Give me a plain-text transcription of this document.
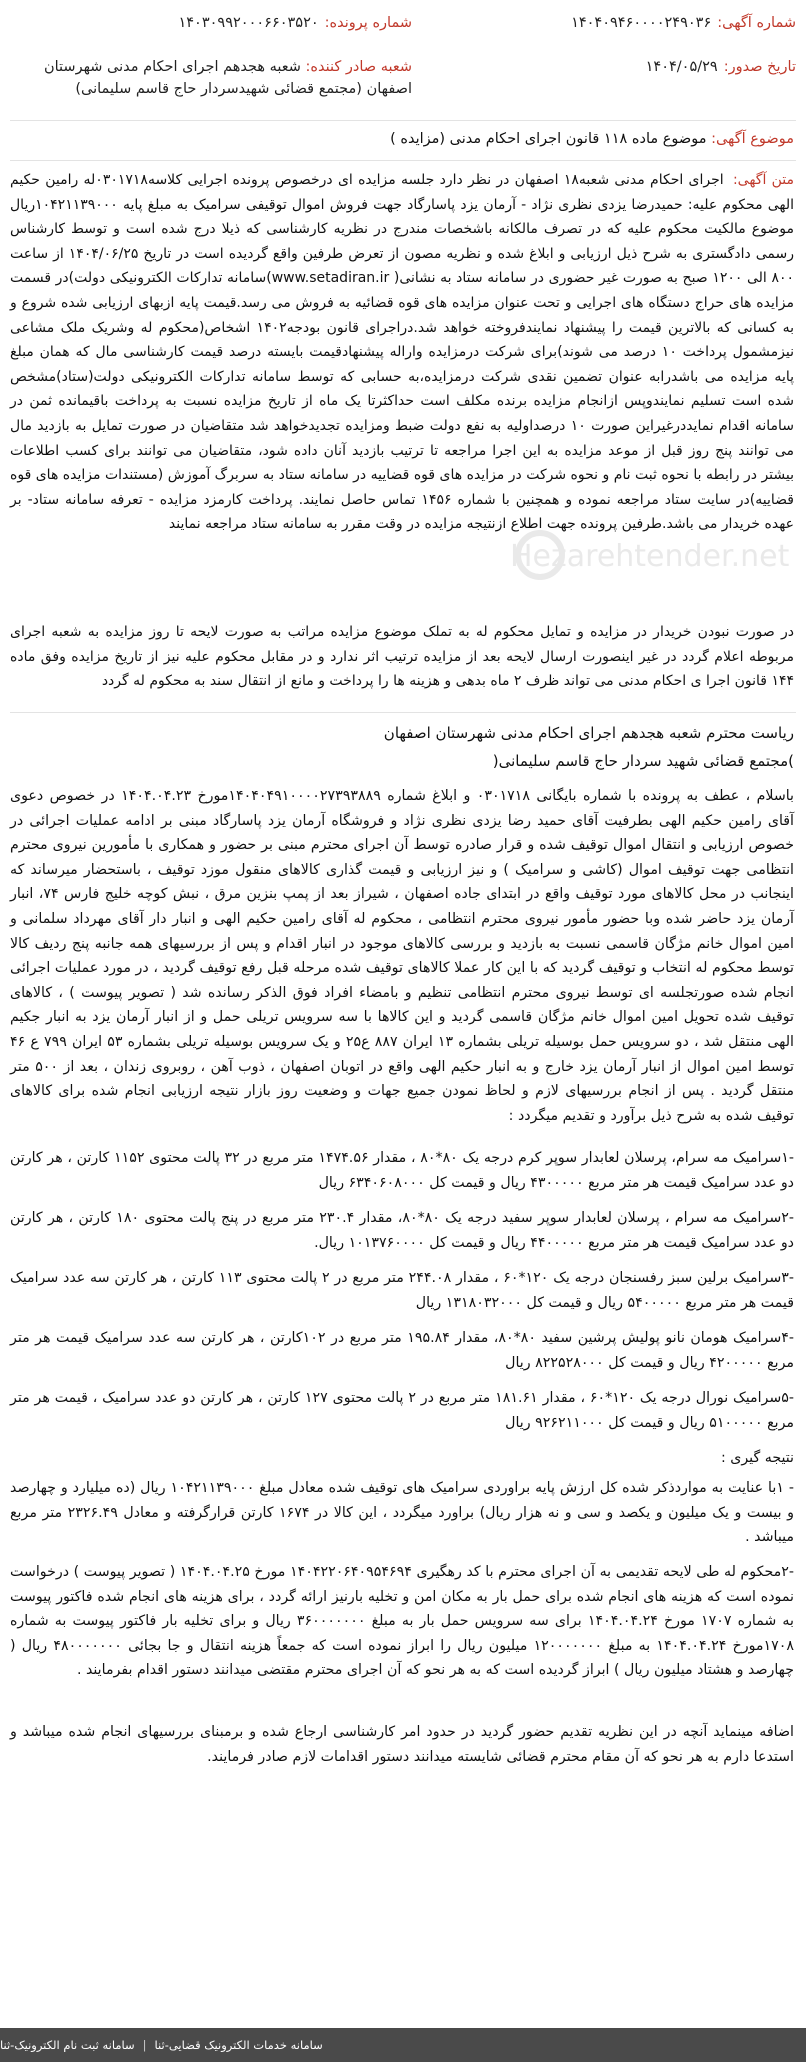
شماره آگهی:
۱۴۰۴۰۹۴۶۰۰۰۰۲۴۹۰۳۶
شماره پرونده:
۱۴۰۳۰۹۹۲۰۰۰۶۶۰۳۵۲۰
تاریخ صدور:
۱۴۰۴/۰۵/۲۹
شعبه صادر کننده: شعبه هجدهم اجرای احکام مدنی شهرستان اصفهان (مجتمع قضائی شهیدسردار حاج قاسم سلیمانی)
موضوع آگهی: موضوع ماده ۱۱۸ قانون اجرای احکام مدنی (مزایده )
متن آگهی: اجرای احکام مدنی شعبه۱۸ اصفهان در نظر دارد جلسه مزایده ای درخصوص پرونده اجرایی کلاسه۰۳۰۱۷۱۸له رامین حکیم الهی محکوم علیه: حمیدرضا یزدی نظری نژاد - آرمان یزد پاسارگاد جهت فروش اموال توقیفی سرامیک به مبلغ پایه ۱۰۴۲۱۱۳۹۰۰۰ریال موضوع مالکیت محکوم علیه که در تصرف مالکانه باشخصات مندرج در نظریه کارشناسی که ذیلا درج شده است و توسط کارشناس رسمی دادگستری به شرح ذیل ارزیابی و ابلاغ شده و نظریه مصون از تعرض طرفین واقع گردیده است در تاریخ ۱۴۰۴/۰۶/۲۵ از ساعت ۸۰۰ الی ۱۲۰۰ صبح به صورت غیر حضوری در سامانه ستاد به نشانی( www.setadiran.ir)سامانه تدارکات الکترونیکی دولت)در قسمت مزایده های حراج دستگاه های اجرایی و تحت عنوان مزایده های قوه قضائیه به فروش می رسد.قیمت پایه ازبهای ارزیابی شده شروع و به کسانی که بالاترین قیمت را پیشنهاد نمایندفروخته خواهد شد.دراجرای قانون بودجه۱۴۰۲ اشخاص(محکوم له وشریک ملک مشاعی نیزمشمول پرداخت ۱۰ درصد می شوند)برای شرکت درمزایده واراله پیشنهادقیمت بایسته درصد قیمت کارشناسی مال که همان مبلغ پایه مزایده می باشدرابه عنوان تضمین نقدی شرکت درمزایده،به حسابی که توسط سامانه تدارکات الکترونیکی دولت(ستاد)مشخص شده است تسلیم نمایندوپس ازانجام مزایده برنده مکلف است حداکثرتا یک ماه از تاریخ مزایده نسبت به پرداخت باقیمانده ثمن در سامانه اقدام نمایددرغیراین صورت ۱۰ درصداولیه به نفع دولت ضبط ومزایده تجدیدخواهد شد متقاضیان در صورت تمایل به بازدید مال می توانند پنج روز قبل از موعد مزایده به این اجرا مراجعه تا ترتیب بازدید آنان داده شود، متقاضیان می توانند برای کسب اطلاعات بیشتر در رابطه با نحوه ثبت نام و نحوه شرکت در مزایده های قوه قضاییه در سامانه ستاد به سربرگ آموزش (مستندات مزایده های قوه قضاییه)در سایت ستاد مراجعه نموده و همچنین با شماره ۱۴۵۶ تماس حاصل نمایند. پرداخت کارمزد مزایده - تعرفه سامانه ستاد- بر عهده خریدار می باشد.طرفین پرونده جهت اطلاع ازنتیجه مزایده در وقت مقرر به سامانه ستاد مراجعه نمایند
Hezarehtender.net
در صورت نبودن خریدار در مزایده و تمایل محکوم له به تملک موضوع مزایده مراتب به صورت لایحه تا روز مزایده به شعبه اجرای مربوطه اعلام گردد در غیر اینصورت ارسال لایحه بعد از مزایده ترتیب اثر ندارد و در مقابل محکوم علیه نیز از تاریخ مزایده وفق ماده ۱۴۴ قانون اجرا ی احکام مدنی می تواند ظرف ۲ ماه بدهی و هزینه ها را پرداخت و مانع از انتقال سند به محکوم له گردد
ریاست محترم شعبه هجدهم اجرای احکام مدنی شهرستان اصفهان
)مجتمع قضائی شهید سردار حاج قاسم سلیمانی(
باسلام ، عطف به پرونده با شماره بایگانی ۰۳۰۱۷۱۸ و ابلاغ شماره ۱۴۰۴۰۴۹۱۰۰۰۰۲۷۳۹۳۸۸۹مورخ ۱۴۰۴.۰۴.۲۳ در خصوص دعوی آقای رامین حکیم الهی بطرفیت آقای حمید رضا یزدی نظری نژاد و فروشگاه آرمان یزد پاسارگاد مبنی بر ادامه عملیات اجرائی در خصوص ارزیابی و انتقال اموال توقیف شده و قرار صادره توسط آن اجرای محترم مبنی بر حضور و همکاری با مأمورین نیروی محترم انتظامی جهت توقیف اموال (کاشی و سرامیک ) و نیز ارزیابی و قیمت گذاری کالاهای منقول موزد توقیف ، باستحضار میرساند که اینجانب در محل کالاهای مورد توقیف واقع در ابتدای جاده اصفهان ، شیراز بعد از پمپ بنزین مرق ، نبش کوچه خلیج فارس ۷۴، انبار آرمان یزد حاضر شده وبا حضور مأمور نیروی محترم انتظامی ، محکوم له آقای رامین حکیم الهی و انبار دار آقای مهرداد سلمانی و امین اموال خانم مژگان قاسمی نسبت به بازدید و بررسی کالاهای موجود در انبار اقدام و پس از بررسیهای همه جانبه پنج ردیف کالا توسط محکوم له انتخاب و توقیف گردید که با این کار عملا کالاهای توقیف شده مرحله قبل رفع توقیف گردید ، در مورد عملیات اجرائی انجام شده صورتجلسه ای توسط نیروی محترم انتظامی تنظیم و بامضاء افراد فوق الذکر رسانده شد ( تصویر پیوست ) ، کالاهای توقیف شده تحویل امین اموال خانم مژگان قاسمی گردید و این کالاها با سه سرویس تریلی حمل و از انبار آرمان یزد به انبار جکیم الهی منتقل شد ، دو سرویس حمل بوسیله تریلی بشماره ۱۳ ایران ۸۸۷ ع۲۵ و یک سرویس بوسیله تریلی بشماره ۵۳ ایران ۷۹۹ ع ۴۶ توسط امین اموال از انبار آرمان یزد خارج و به انبار حکیم الهی واقع در اتوبان اصفهان ، ذوب آهن ، روبروی زندان ، بعد از ۵۰۰ متر منتقل گردید . پس از انجام بررسیهای لازم و لحاظ نمودن جمیع جهات و وضعیت روز بازار نتیجه ارزیابی انجام شده برای کالاهای توقیف شده به شرح ذیل برآورد و تقدیم میگردد :
-۱سرامیک مه سرام، پرسلان لعابدار سوپر کرم درجه یک ۸۰*۸۰ ، مقدار ۱۴۷۴.۵۶ متر مربع در ۳۲ پالت محتوی ۱۱۵۲ کارتن ، هر کارتن دو عدد سرامیک قیمت هر متر مربع ۴۳۰۰۰۰۰ ریال و قیمت کل ۶۳۴۰۶۰۸۰۰۰ ریال
-۲سرامیک مه سرام ، پرسلان لعابدار سوپر سفید درجه یک ۸۰*۸۰، مقدار ۲۳۰.۴ متر مربع در پنج پالت محتوی ۱۸۰ کارتن ، هر کارتن دو عدد سرامیک قیمت هر متر مربع ۴۴۰۰۰۰۰ ریال و قیمت کل ۱۰۱۳۷۶۰۰۰۰ ریال.
-۳سرامیک برلین سبز رفسنجان درجه یک ۱۲۰*۶۰ ، مقدار ۲۴۴.۰۸ متر مربع در ۲ پالت محتوی ۱۱۳ کارتن ، هر کارتن سه عدد سرامیک قیمت هر متر مربع ۵۴۰۰۰۰۰ ریال و قیمت کل ۱۳۱۸۰۳۲۰۰۰ ریال
-۴سرامیک هومان نانو پولیش پرشین سفید ۸۰*۸۰، مقدار ۱۹۵.۸۴ متر مربع در ۱۰۲کارتن ، هر کارتن سه عدد سرامیک قیمت هر متر مربع ۴۲۰۰۰۰۰ ریال و قیمت کل ۸۲۲۵۲۸۰۰۰ ریال
-۵سرامیک نورال درجه یک ۱۲۰*۶۰ ، مقدار ۱۸۱.۶۱ متر مربع در ۲ پالت محتوی ۱۲۷ کارتن ، هر کارتن دو عدد سرامیک ، قیمت هر متر مربع ۵۱۰۰۰۰۰ ریال و قیمت کل ۹۲۶۲۱۱۰۰۰ ریال
نتیجه گیری :
- ۱با عنایت به مواردذکر شده کل ارزش پایه براوردی سرامیک های توقیف شده معادل مبلغ ۱۰۴۲۱۱۳۹۰۰۰ ریال (ده میلیارد و چهارصد و بیست و یک میلیون و یکصد و سی و نه هزار ریال) براورد میگردد ، این کالا در ۱۶۷۴ کارتن قرارگرفته و معادل ۲۳۲۶.۴۹ متر مربع میباشد .
-۲محکوم له طی لایحه تقدیمی به آن اجرای محترم با کد رهگیری ۱۴۰۴۲۲۰۶۴۰۹۵۴۶۹۴ مورخ ۱۴۰۴.۰۴.۲۵ ( تصویر پیوست ) درخواست نموده است که هزینه های انجام شده برای حمل بار به مکان امن و تخلیه بارنیز ارائه گردد ، برای هزینه های انجام شده فاکتور پیوست به شماره ۱۷۰۷ مورخ ۱۴۰۴.۰۴.۲۴ برای سه سرویس حمل بار به مبلغ ۳۶۰۰۰۰۰۰۰ ریال و برای تخلیه بار فاکتور پیوست به شماره ۱۷۰۸مورخ ۱۴۰۴.۰۴.۲۴ به مبلغ ۱۲۰۰۰۰۰۰۰ میلیون ریال را ابراز نموده است که جمعاً هزینه انتقال و جا بجائی ۴۸۰۰۰۰۰۰۰ ریال ( چهارصد و هشتاد میلیون ریال ) ابراز گردیده است که به هر نحو که آن اجرای محترم مقتضی میدانند دستور اقدام بفرمایند .
اضافه مینماید آنچه در این نظریه تقدیم حضور گردید در حدود امر کارشناسی ارجاع شده و برمبنای بررسیهای انجام شده میباشد و استدعا دارم به هر نحو که آن مقام محترم قضائی شایسته میدانند دستور اقدامات لازم صادر فرمایند.
سامانه خدمات الکترونیک قضایی-ثنا
|
سامانه ثبت نام الکترونیک-ثنا
